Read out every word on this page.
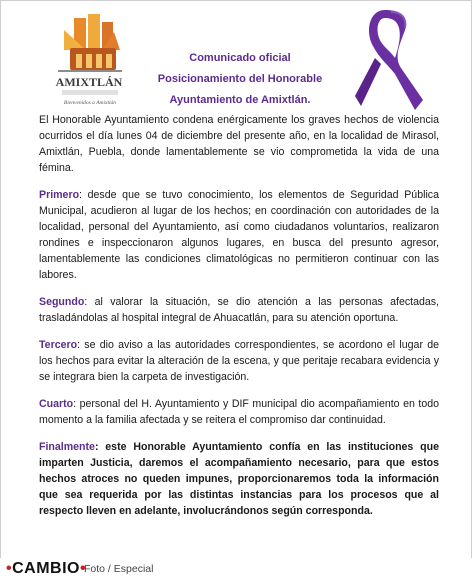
AMIXTLÁN
Bienvenidos a Amixtlán
Comunicado oficial
Posicionamiento del Honorable
Ayuntamiento de Amixtlán.

El Honorable Ayuntamiento condena enérgicamente los graves hechos de violencia ocurridos el día lunes 04 de diciembre del presente año, en la localidad de Mirasol, Amixtlán, Puebla, donde lamentablemente se vio comprometida la vida de una fémina.

Primero: desde que se tuvo conocimiento, los elementos de Seguridad Pública Municipal, acudieron al lugar de los hechos; en coordinación con autoridades de la localidad, personal del Ayuntamiento, así como ciudadanos voluntarios, realizaron rondines e inspeccionaron algunos lugares, en busca del presunto agresor, lamentablemente las condiciones climatológicas no permitieron continuar con las labores.

Segundo: al valorar la situación, se dio atención a las personas afectadas, trasladándolas al hospital integral de Ahuacatlán, para su atención oportuna.

Tercero: se dio aviso a las autoridades correspondientes, se acordono el lugar de los hechos para evitar la alteración de la escena, y que peritaje recabara evidencia y se integrara bien la carpeta de investigación.

Cuarto: personal del H. Ayuntamiento y DIF municipal dio acompañamiento en todo momento a la familia afectada y se reitera el compromiso dar continuidad.

Finalmente: este Honorable Ayuntamiento confía en las instituciones que imparten Justicia, daremos el acompañamiento necesario, para que estos hechos atroces no queden impunes, proporcionaremos toda la información que sea requerida por las distintas instancias para los procesos que al respecto lleven en adelante, involucrándonos según corresponda.

•CAMBIO•
Foto / Especial
